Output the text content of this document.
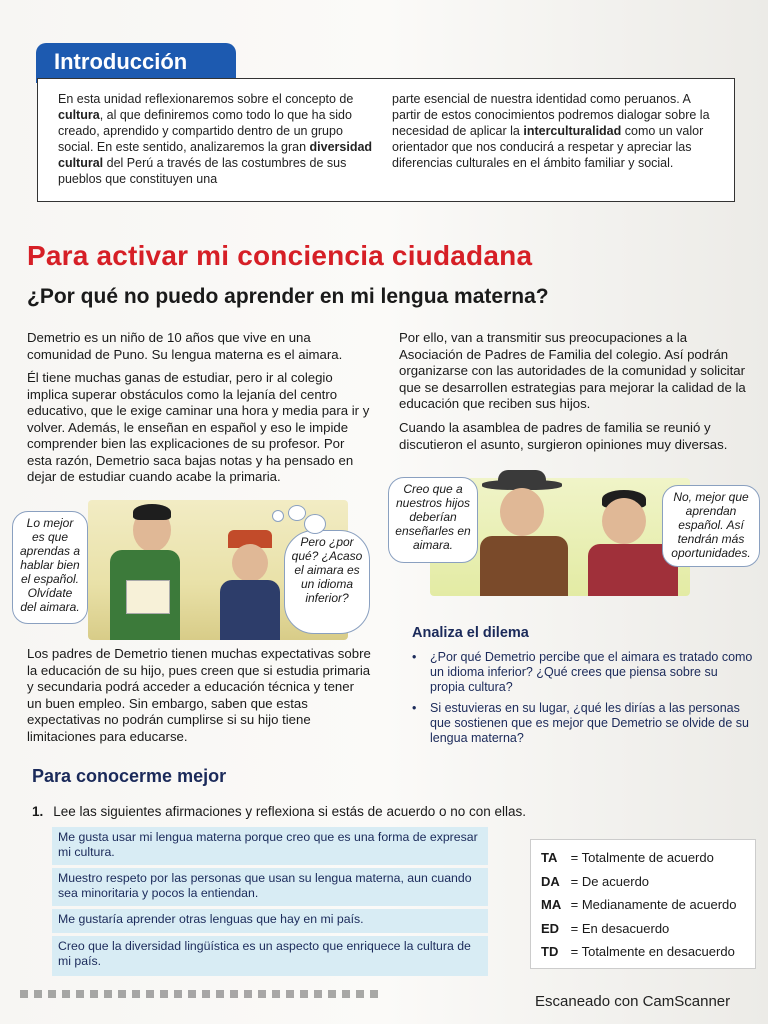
Introducción

En esta unidad reflexionaremos sobre el concepto de cultura, al que definiremos como todo lo que ha sido creado, aprendido y compartido dentro de un grupo social. En este sentido, analizaremos la gran diversidad cultural del Perú a través de las costumbres de sus pueblos que constituyen una

parte esencial de nuestra identidad como peruanos. A partir de estos conocimientos podremos dialogar sobre la necesidad de aplicar la interculturalidad como un valor orientador que nos conducirá a respetar y apreciar las diferencias culturales en el ámbito familiar y social.

Para activar mi conciencia ciudadana
¿Por qué no puedo aprender en mi lengua materna?

Demetrio es un niño de 10 años que vive en una comunidad de Puno. Su lengua materna es el aimara.

Él tiene muchas ganas de estudiar, pero ir al colegio implica superar obstáculos como la lejanía del centro educativo, que le exige caminar una hora y media para ir y volver. Además, le enseñan en español y eso le impide comprender bien las explicaciones de su profesor. Por esta razón, Demetrio saca bajas notas y ha pensado en dejar de estudiar cuando acabe la primaria.

Por ello, van a transmitir sus preocupaciones a la Asociación de Padres de Familia del colegio. Así podrán organizarse con las autoridades de la comunidad y solicitar que se desarrollen estrategias para mejorar la calidad de la educación que reciben sus hijos.

Cuando la asamblea de padres de familia se reunió y discutieron el asunto, surgieron opiniones muy diversas.

Lo mejor es que aprendas a hablar bien el español. Olvídate del aimara.
Pero ¿por qué? ¿Acaso el aimara es un idioma inferior?
Creo que a nuestros hijos deberían enseñarles en aimara.
No, mejor que aprendan español. Así tendrán más oportunidades.

Los padres de Demetrio tienen muchas expectativas sobre la educación de su hijo, pues creen que si estudia primaria y secundaria podrá acceder a educación técnica y tener un buen empleo. Sin embargo, saben que estas expectativas no podrán cumplirse si su hijo tiene limitaciones para educarse.

Analiza el dilema
• ¿Por qué Demetrio percibe que el aimara es tratado como un idioma inferior? ¿Qué crees que piensa sobre su propia cultura?
• Si estuvieras en su lugar, ¿qué les dirías a las personas que sostienen que es mejor que Demetrio se olvide de su lengua materna?
Para conocerme mejor

1. Lee las siguientes afirmaciones y reflexiona si estás de acuerdo o no con ellas.

Me gusta usar mi lengua materna porque creo que es una forma de expresar mi cultura.
Muestro respeto por las personas que usan su lengua materna, aun cuando sea minoritaria y pocos la entiendan.
Me gustaría aprender otras lenguas que hay en mi país.
Creo que la diversidad lingüística es un aspecto que enriquece la cultura de mi país.
TA = Totalmente de acuerdo
DA = De acuerdo
MA = Medianamente de acuerdo
ED = En desacuerdo
TD = Totalmente en desacuerdo
Escaneado con CamScanner
